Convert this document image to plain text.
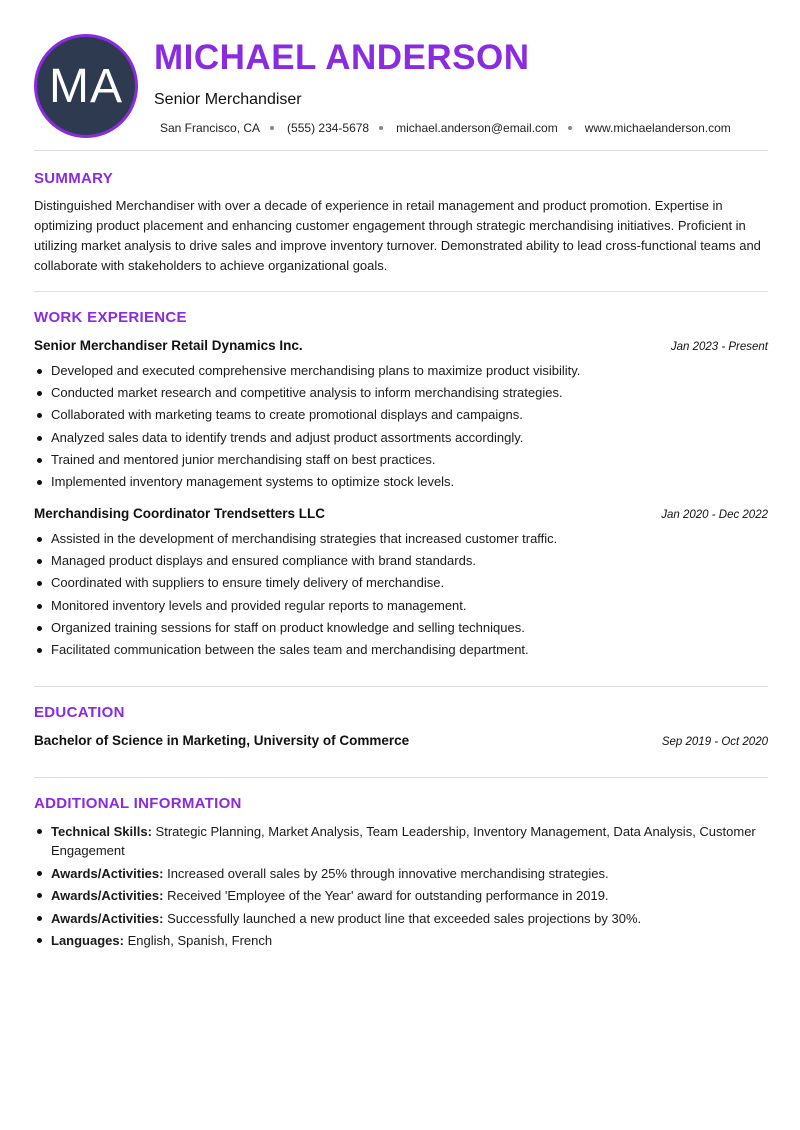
MA
MICHAEL ANDERSON
Senior Merchandiser
San Francisco, CA (555) 234-5678 michael.anderson@email.com www.michaelanderson.com
SUMMARY
Distinguished Merchandiser with over a decade of experience in retail management and product promotion. Expertise in optimizing product placement and enhancing customer engagement through strategic merchandising initiatives. Proficient in utilizing market analysis to drive sales and improve inventory turnover. Demonstrated ability to lead cross-functional teams and collaborate with stakeholders to achieve organizational goals.
WORK EXPERIENCE
Senior Merchandiser Retail Dynamics Inc.	Jan 2023 - Present
Developed and executed comprehensive merchandising plans to maximize product visibility.
Conducted market research and competitive analysis to inform merchandising strategies.
Collaborated with marketing teams to create promotional displays and campaigns.
Analyzed sales data to identify trends and adjust product assortments accordingly.
Trained and mentored junior merchandising staff on best practices.
Implemented inventory management systems to optimize stock levels.
Merchandising Coordinator Trendsetters LLC	Jan 2020 - Dec 2022
Assisted in the development of merchandising strategies that increased customer traffic.
Managed product displays and ensured compliance with brand standards.
Coordinated with suppliers to ensure timely delivery of merchandise.
Monitored inventory levels and provided regular reports to management.
Organized training sessions for staff on product knowledge and selling techniques.
Facilitated communication between the sales team and merchandising department.
EDUCATION
Bachelor of Science in Marketing, University of Commerce	Sep 2019 - Oct 2020
ADDITIONAL INFORMATION
Technical Skills: Strategic Planning, Market Analysis, Team Leadership, Inventory Management, Data Analysis, Customer Engagement
Awards/Activities: Increased overall sales by 25% through innovative merchandising strategies.
Awards/Activities: Received 'Employee of the Year' award for outstanding performance in 2019.
Awards/Activities: Successfully launched a new product line that exceeded sales projections by 30%.
Languages: English, Spanish, French
